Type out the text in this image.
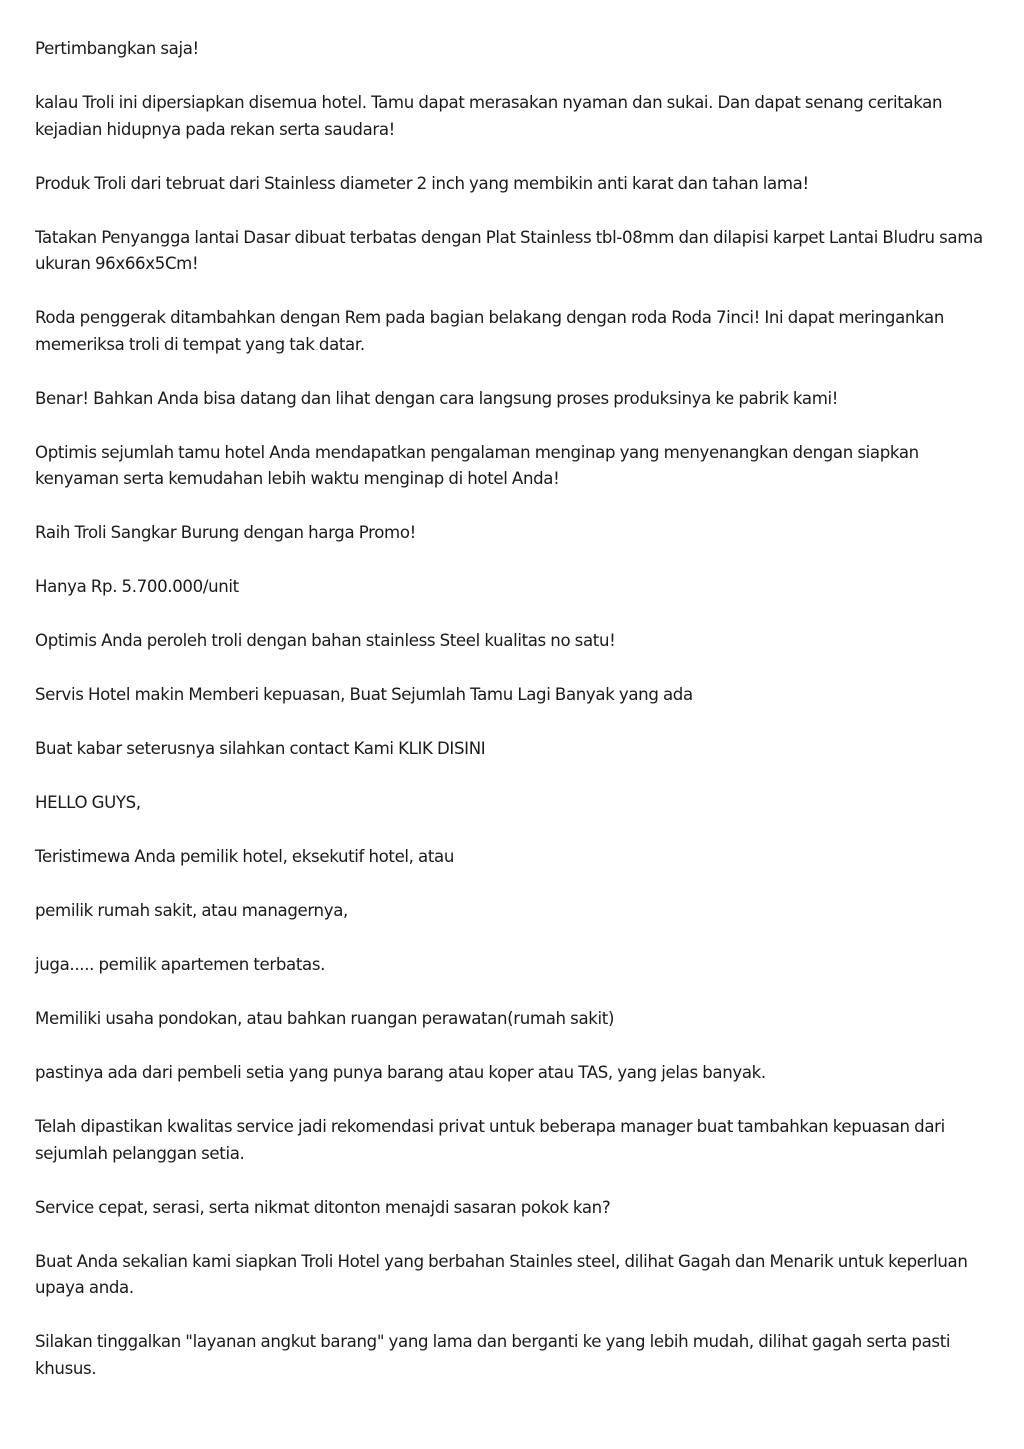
Pertimbangkan saja!

kalau Troli ini dipersiapkan disemua hotel. Tamu dapat merasakan nyaman dan sukai. Dan dapat senang ceritakan kejadian hidupnya pada rekan serta saudara!

Produk Troli dari tebruat dari Stainless diameter 2 inch yang membikin anti karat dan tahan lama!

Tatakan Penyangga lantai Dasar dibuat terbatas dengan Plat Stainless tbl-08mm dan dilapisi karpet Lantai Bludru sama ukuran 96x66x5Cm!

Roda penggerak ditambahkan dengan Rem pada bagian belakang dengan roda Roda 7inci! Ini dapat meringankan memeriksa troli di tempat yang tak datar.

Benar! Bahkan Anda bisa datang dan lihat dengan cara langsung proses produksinya ke pabrik kami!

Optimis sejumlah tamu hotel Anda mendapatkan pengalaman menginap yang menyenangkan dengan siapkan kenyaman serta kemudahan lebih waktu menginap di hotel Anda!

Raih Troli Sangkar Burung dengan harga Promo!

Hanya Rp. 5.700.000/unit

Optimis Anda peroleh troli dengan bahan stainless Steel kualitas no satu!

Servis Hotel makin Memberi kepuasan, Buat Sejumlah Tamu Lagi Banyak yang ada

Buat kabar seterusnya silahkan contact Kami KLIK DISINI

HELLO GUYS,

Teristimewa Anda pemilik hotel, eksekutif hotel, atau

pemilik rumah sakit, atau managernya,

juga..... pemilik apartemen terbatas.

Memiliki usaha pondokan, atau bahkan ruangan perawatan(rumah sakit)

pastinya ada dari pembeli setia yang punya barang atau koper atau TAS, yang jelas banyak.

Telah dipastikan kwalitas service jadi rekomendasi privat untuk beberapa manager buat tambahkan kepuasan dari sejumlah pelanggan setia.

Service cepat, serasi, serta nikmat ditonton menajdi sasaran pokok kan?

Buat Anda sekalian kami siapkan Troli Hotel yang berbahan Stainles steel, dilihat Gagah dan Menarik untuk keperluan upaya anda.

Silakan tinggalkan "layanan angkut barang" yang lama dan berganti ke yang lebih mudah, dilihat gagah serta pasti khusus.
